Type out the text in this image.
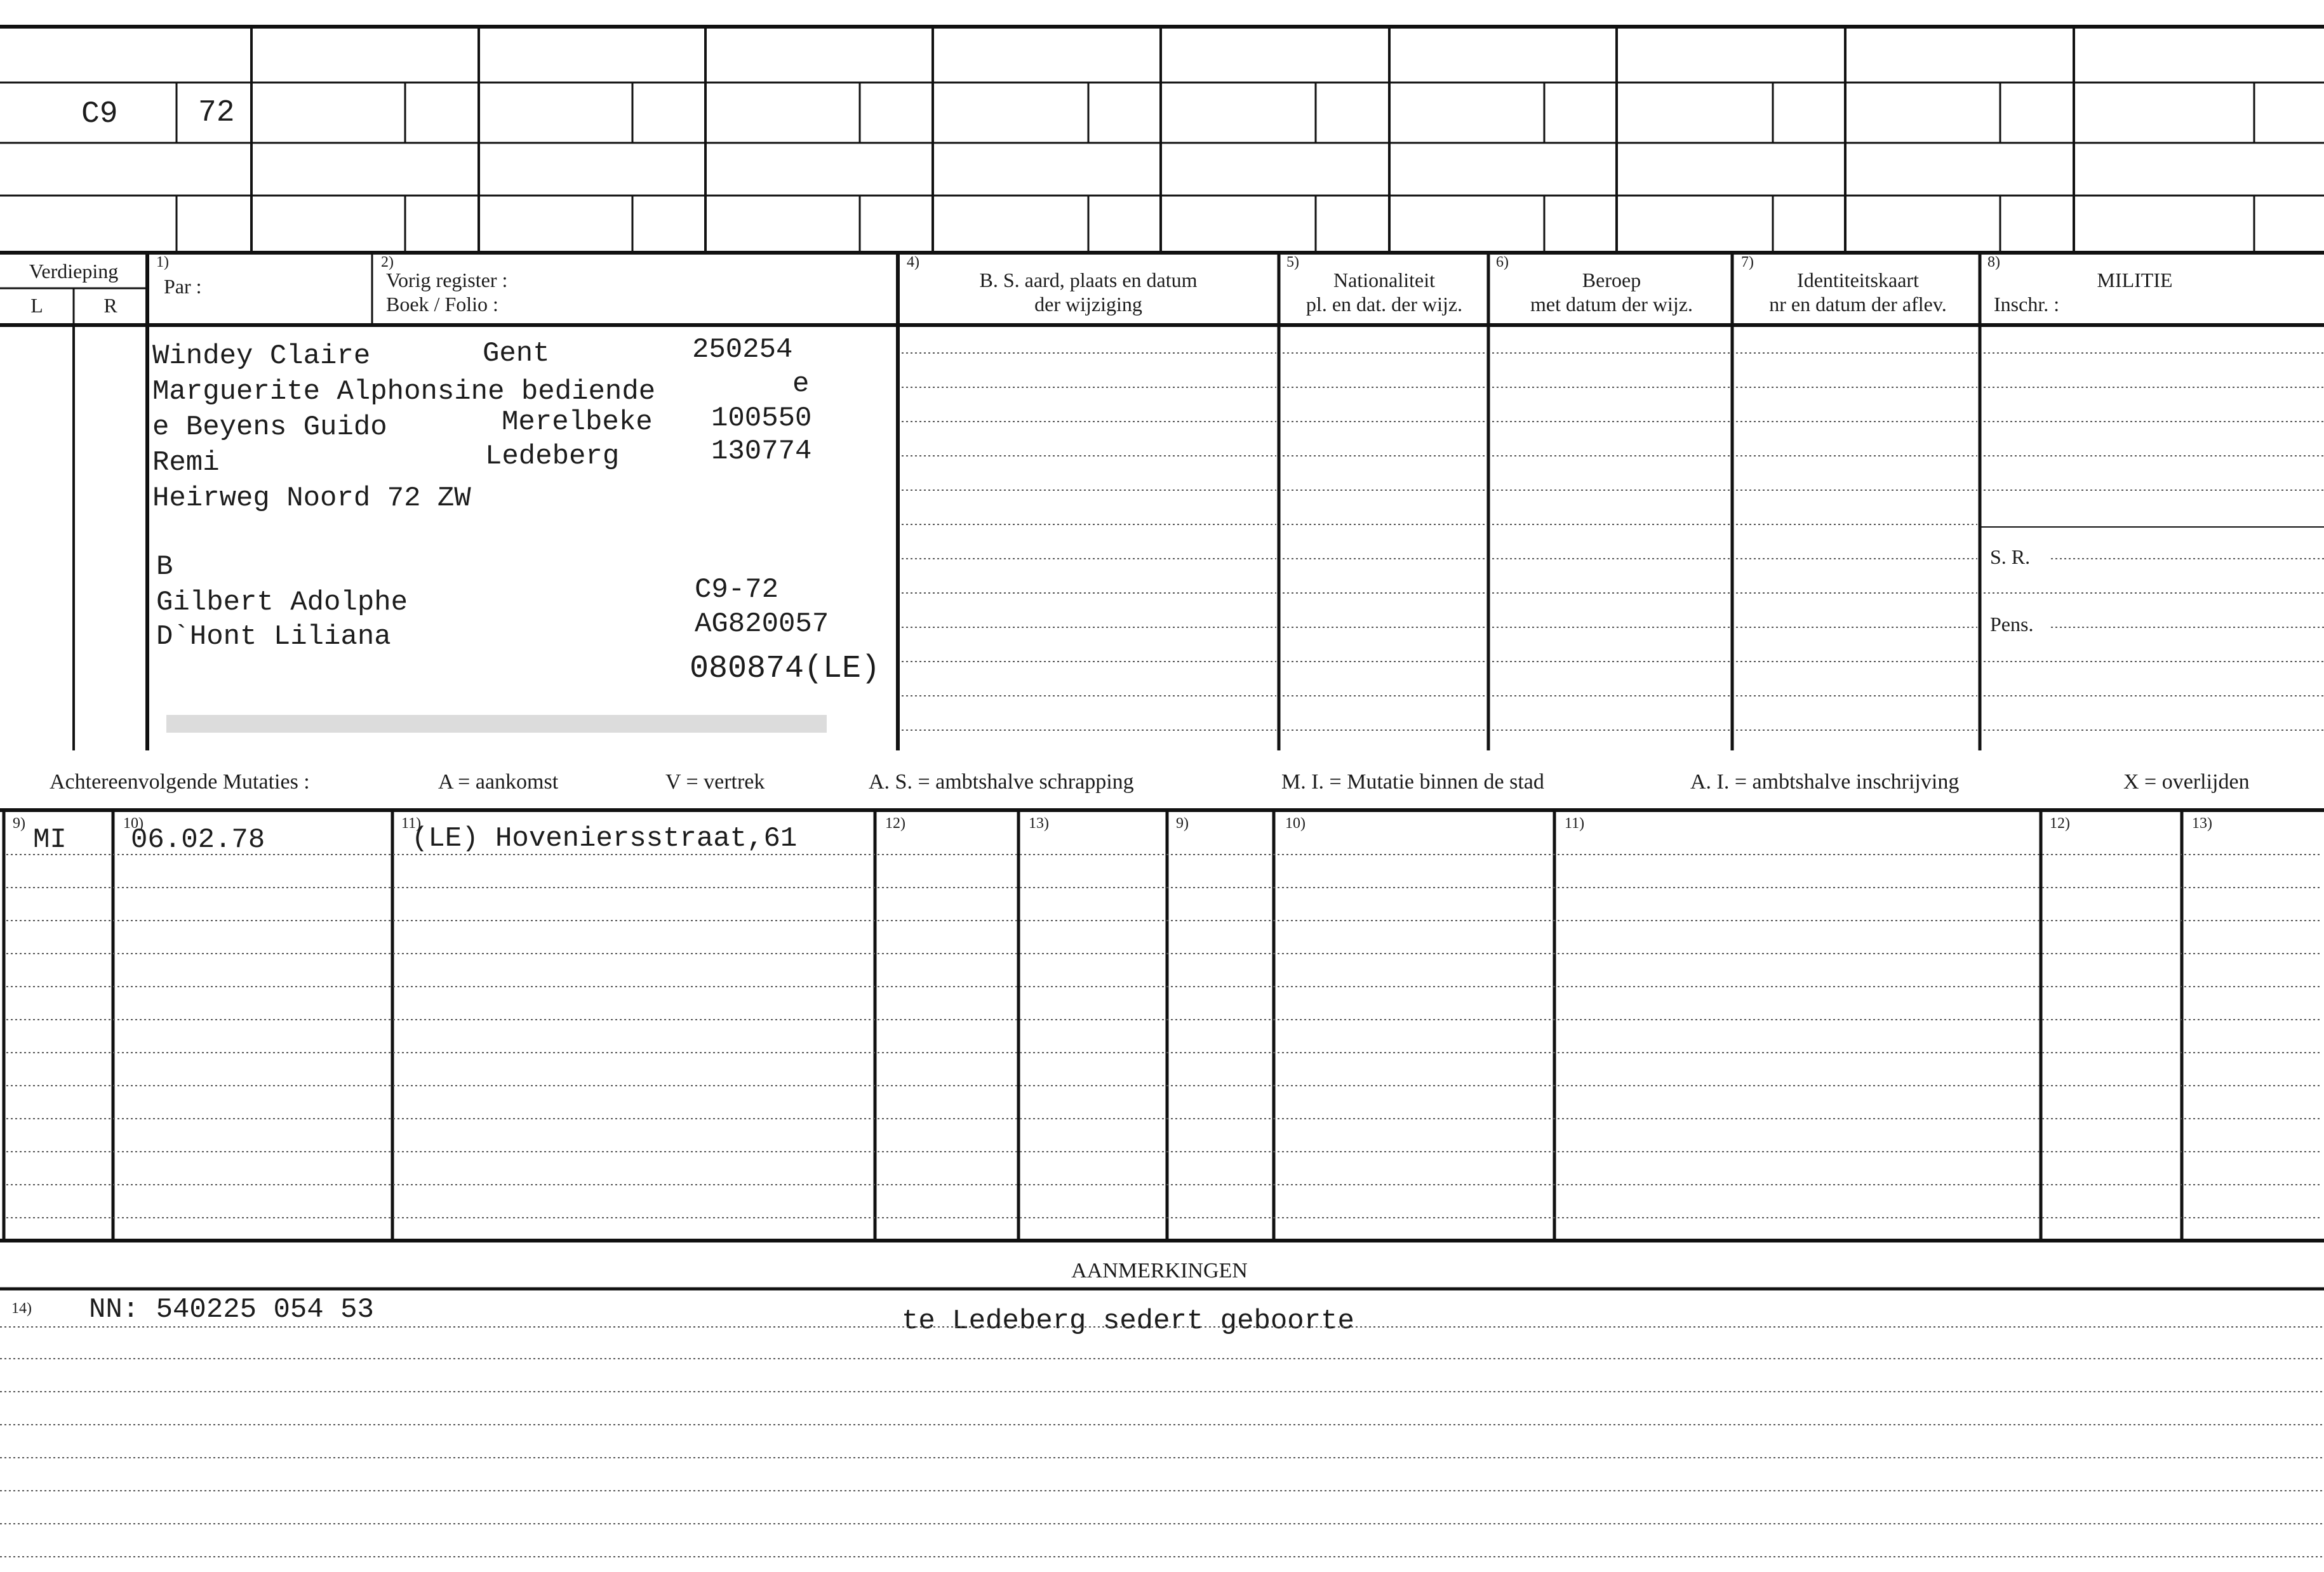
C9	72
Verdieping
L	R
1)
Par :
2)
Vorig register :
Boek / Folio :
4)
B. S. aard, plaats en datum
der wijziging
5)
Nationaliteit
pl. en dat. der wijz.
6)
Beroep
met datum der wijz.
7)
Identiteitskaart
nr en datum der aflev.
8)
MILITIE
Inschr. :
S. R.
Pens.
Windey Claire	Gent	250254
Marguerite Alphonsine bediende	e
e Beyens Guido	Merelbeke 100550
Remi	Ledeberg	130774
Heirweg Noord 72 ZW
B
Gilbert Adolphe	C9-72
D`Hont Liliana	AG820057
080874(LE)
Achtereenvolgende Mutaties :	A = aankomst	V = vertrek	A. S. = ambtshalve schrapping	M. I. = Mutatie binnen de stad	A. I. = ambtshalve inschrijving	X = overlijden
9)	10)	11)	12)	13)	9)	10)	11)	12)	13)
MI 06.02.78	(LE) Hoveniersstraat,61
AANMERKINGEN
14) NN: 540225 054 53	te Ledeberg sedert geboorte
